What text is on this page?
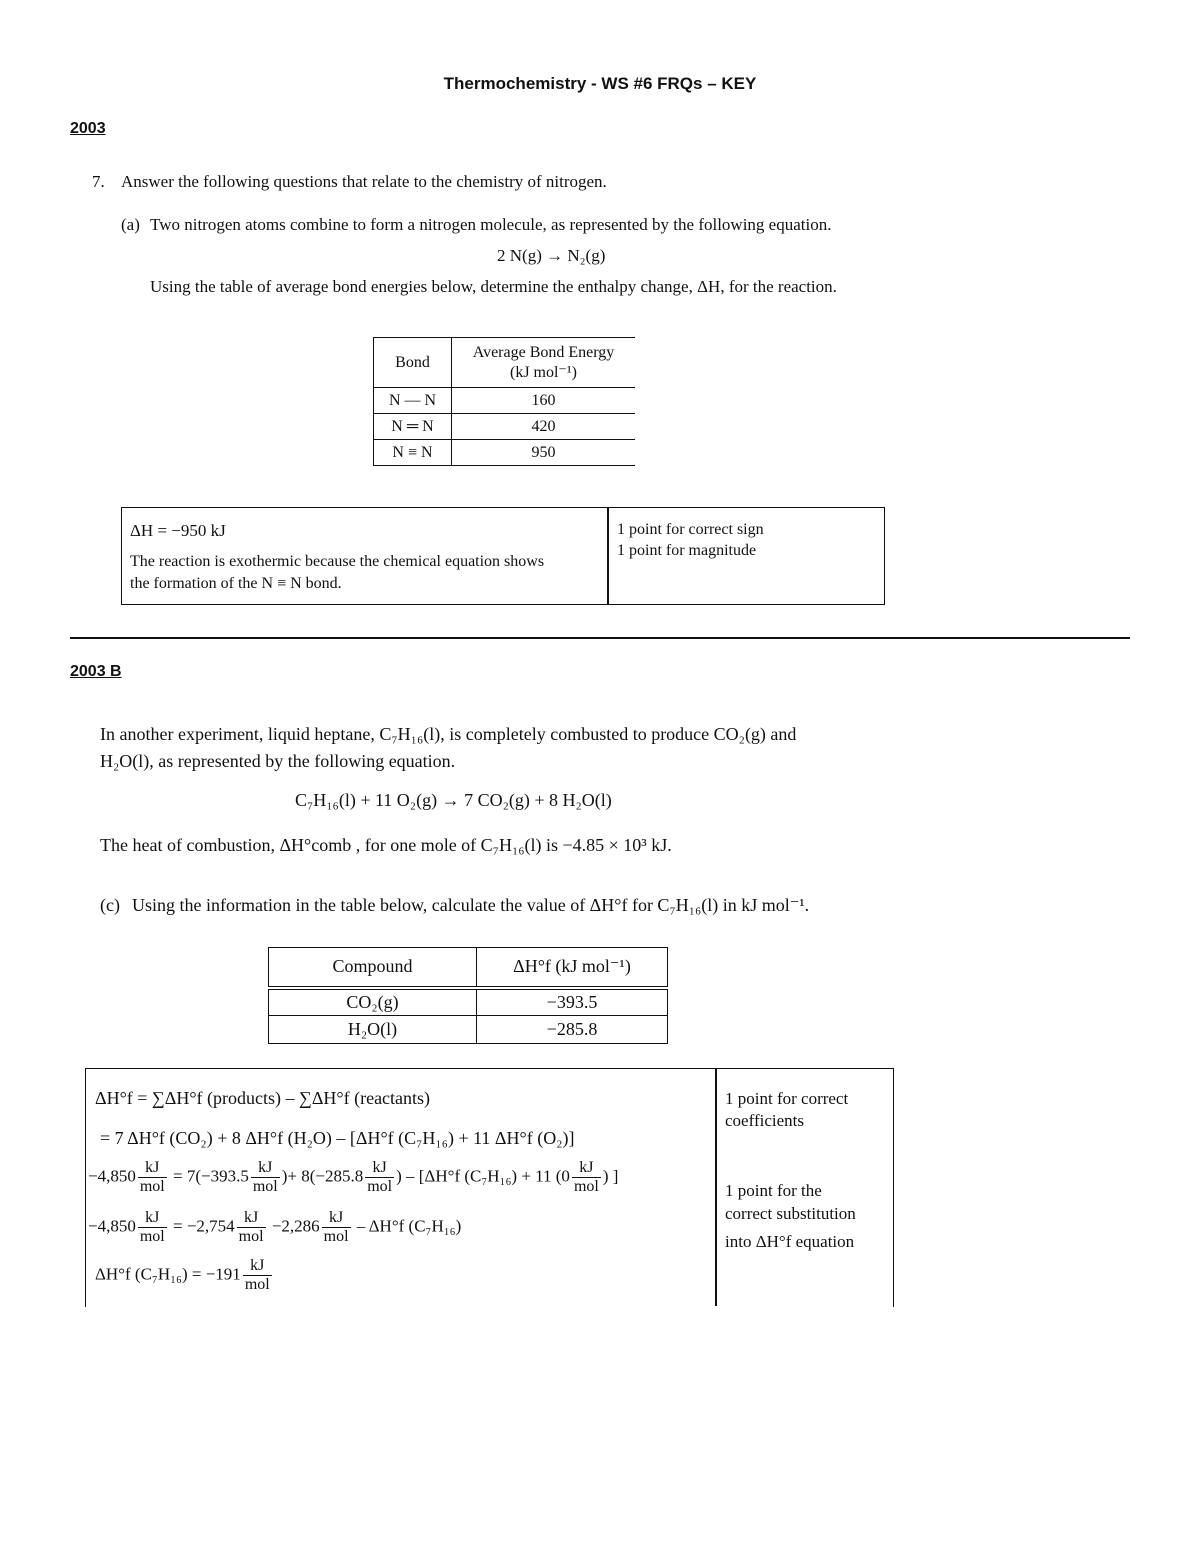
Thermochemistry - WS #6 FRQs – KEY
2003
7. Answer the following questions that relate to the chemistry of nitrogen.
(a) Two nitrogen atoms combine to form a nitrogen molecule, as represented by the following equation.
2 N(g) → N₂(g)
Using the table of average bond energies below, determine the enthalpy change, ΔH, for the reaction.
Bond	Average Bond Energy
(kJ mol⁻¹)

N — N	160
N ═ N	420
N ≡ N	950
ΔH = −950 kJ
The reaction is exothermic because the chemical equation shows
the formation of the N ≡ N bond.
1 point for correct sign
1 point for magnitude
2003 B
In another experiment, liquid heptane, C₇H₁₆(l), is completely combusted to produce CO₂(g) and
H₂O(l), as represented by the following equation.
C₇H₁₆(l) + 11 O₂(g) → 7 CO₂(g) + 8 H₂O(l)
The heat of combustion, ΔH°comb , for one mole of C₇H₁₆(l) is −4.85 × 10³ kJ.
(c) Using the information in the table below, calculate the value of ΔH°f for C₇H₁₆(l) in kJ mol⁻¹.
Compound	ΔH°f (kJ mol⁻¹)
CO₂(g)	−393.5
H₂O(l)	−285.8
ΔH°f = ∑ΔH°f (products) – ∑ΔH°f (reactants)
= 7 ΔH°f (CO₂) + 8 ΔH°f (H₂O) – [ΔH°f (C₇H₁₆) + 11 ΔH°f (O₂)]
$-4,850 \frac{kJ}{\text{mol}} = 7(-393.5 \frac{kJ}{\text{mol}}$ )+ $8(-285.8 \frac{kJ}{\text{mol}}$ ) – [ΔH°f (C₇H₁₆) + 11 ($0 \frac{kJ}{\text{mol}}$ ) ]
$-4,850 \frac{kJ}{\text{mol}} = -2,754 \frac{kJ}{\text{mol}} -2,286 \frac{kJ}{\text{mol}} - \Delta H^\circ f$ (C₇H₁₆)
ΔH°f $(C_7H_{16}) = -191 \frac{kJ}{\text{mol}}$
1 point for correct
coefficients
1 point for the
correct substitution
into ΔH°f equation
